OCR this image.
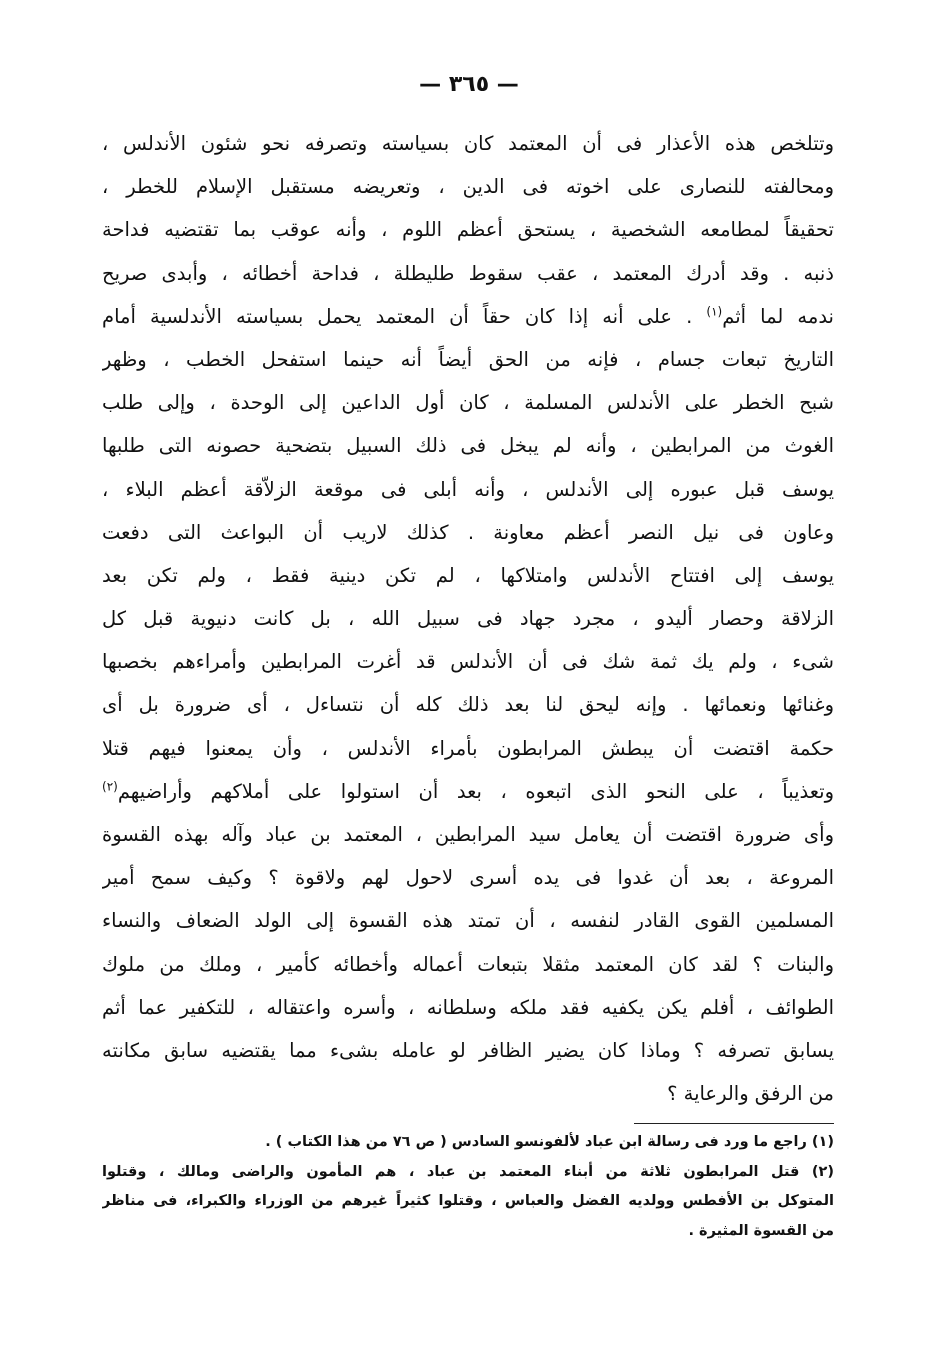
— ٣٦٥ —
وتتلخص هذه الأعذار فى أن المعتمد كان بسياسته وتصرفه نحو شئون الأندلس ،
ومحالفته للنصارى على اخوته فى الدين ، وتعريضه مستقبل الإسلام للخطر ،
تحقيقاً لمطامعه الشخصية ، يستحق أعظم اللوم ، وأنه عوقب بما تقتضيه فداحة
ذنبه . وقد أدرك المعتمد ، عقب سقوط طليطلة ، فداحة أخطائه ، وأبدى صريح
ندمه لما أثم$^{(١)}$ . على أنه إذا كان حقاً أن المعتمد يحمل بسياسته الأندلسية أمام
التاريخ تبعات جسام ، فإنه من الحق أيضاً أنه حينما استفحل الخطب ، وظهر
شبح الخطر على الأندلس المسلمة ، كان أول الداعين إلى الوحدة ، وإلى طلب
الغوث من المرابطين ، وأنه لم يبخل فى ذلك السبيل بتضحية حصونه التى طلبها
يوسف قبل عبوره إلى الأندلس ، وأنه أبلى فى موقعة الزلاّقة أعظم البلاء ،
وعاون فى نيل النصر أعظم معاونة . كذلك لاريب أن البواعث التى دفعت
يوسف إلى افتتاح الأندلس وامتلاكها ، لم تكن دينية فقط ، ولم تكن بعد
الزلاقة وحصار أليدو ، مجرد جهاد فى سبيل الله ، بل كانت دنيوية قبل كل
شىء ، ولم يك ثمة شك فى أن الأندلس قد أغرت المرابطين وأمراءهم بخصبها
وغنائها ونعمائها . وإنه ليحق لنا بعد ذلك كله أن نتساءل ، أى ضرورة بل أى
حكمة اقتضت أن يبطش المرابطون بأمراء الأندلس ، وأن يمعنوا فيهم قتلا
وتعذيباً ، على النحو الذى اتبعوه ، بعد أن استولوا على أملاكهم وأراضيهم$^{(٢)}$
وأى ضرورة اقتضت أن يعامل سيد المرابطين ، المعتمد بن عباد وآله بهذه القسوة
المروعة ، بعد أن غدوا فى يده أسرى لاحول لهم ولاقوة ؟ وكيف سمح أمير
المسلمين القوى القادر لنفسه ، أن تمتد هذه القسوة إلى الولد الضعاف والنساء
والبنات ؟ لقد كان المعتمد مثقلا بتبعات أعماله وأخطائه كأمير ، وملك من ملوك
الطوائف ، أفلم يكن يكفيه فقد ملكه وسلطانه ، وأسره واعتقاله ، للتكفير عما أثم
يسابق تصرفه ؟ وماذا كان يضير الظافر لو عامله بشىء مما يقتضيه سابق مكانته
من الرفق والرعاية ؟
(١) راجع ما ورد فى رسالة ابن عباد لألفونسو السادس ( ص ٧٦ من هذا الكتاب ) .
(٢) قتل المرابطون ثلاثة من أبناء المعتمد بن عباد ، هم المأمون والراضى ومالك ، وقتلوا
المتوكل بن الأفطس وولديه الفضل والعباس ، وقتلوا كثيراً غيرهم من الوزراء والكبراء، فى مناظر
من القسوة المثيرة .
